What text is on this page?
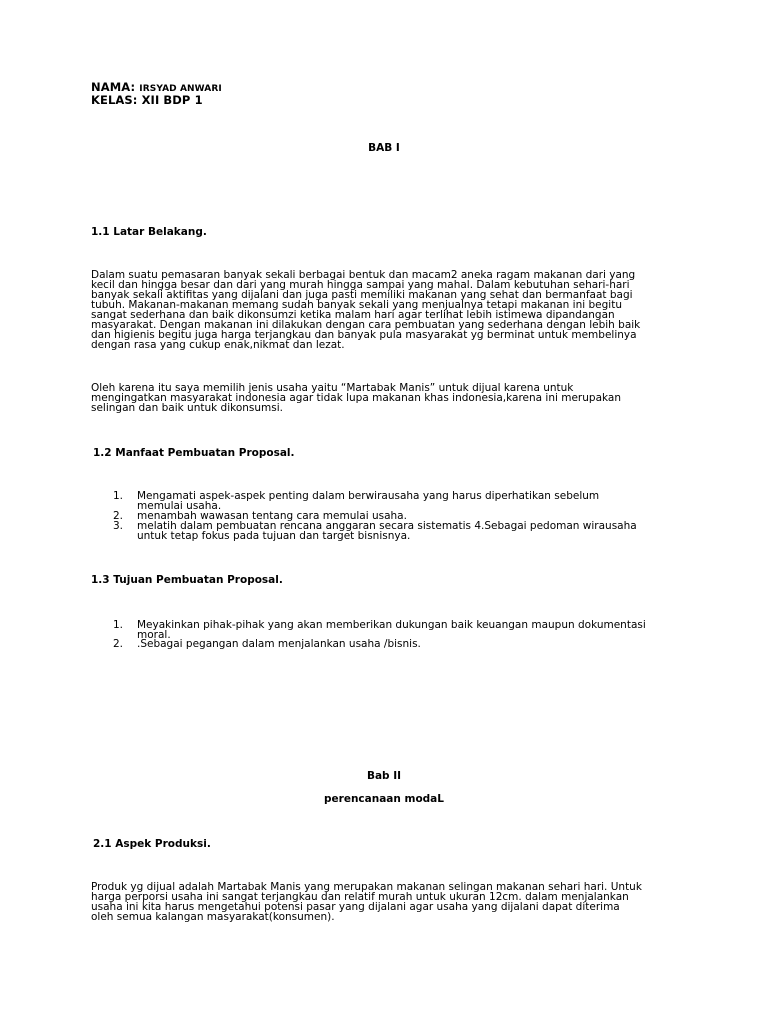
NAMA: IRSYAD ANWARI
KELAS: XII BDP 1
BAB I
1.1 Latar Belakang.

Dalam suatu pemasaran banyak sekali berbagai bentuk dan macam2 aneka ragam makanan dari yang

kecil dan hingga besar dan dari yang murah hingga sampai yang mahal. Dalam kebutuhan sehari-hari

banyak sekali aktifitas yang dijalani dan juga pasti memiliki makanan yang sehat dan bermanfaat bagi

tubuh. Makanan-makanan memang sudah banyak sekali yang menjualnya tetapi makanan ini begitu

sangat sederhana dan baik dikonsumzi ketika malam hari agar terlihat lebih istimewa dipandangan

masyarakat. Dengan makanan ini dilakukan dengan cara pembuatan yang sederhana dengan lebih baik

dan higienis begitu juga harga terjangkau dan banyak pula masyarakat yg berminat untuk membelinya

dengan rasa yang cukup enak,nikmat dan lezat.

Oleh karena itu saya memilih jenis usaha yaitu “Martabak Manis” untuk dijual karena untuk

mengingatkan masyarakat indonesia agar tidak lupa makanan khas indonesia,karena ini merupakan

selingan dan baik untuk dikonsumsi.

1.2 Manfaat Pembuatan Proposal.
1. Mengamati aspek-aspek penting dalam berwirausaha yang harus diperhatikan sebelum
memulai usaha.
2. menambah wawasan tentang cara memulai usaha.
3. melatih dalam pembuatan rencana anggaran secara sistematis 4.Sebagai pedoman wirausaha
untuk tetap fokus pada tujuan dan target bisnisnya.
1.3 Tujuan Pembuatan Proposal.
1. Meyakinkan pihak-pihak yang akan memberikan dukungan baik keuangan maupun dokumentasi
moral.
2. .Sebagai pegangan dalam menjalankan usaha /bisnis.
Bab II
perencanaan modaL
2.1 Aspek Produksi.

Produk yg dijual adalah Martabak Manis yang merupakan makanan selingan makanan sehari hari. Untuk

harga perporsi usaha ini sangat terjangkau dan relatif murah untuk ukuran 12cm. dalam menjalankan

usaha ini kita harus mengetahui potensi pasar yang dijalani agar usaha yang dijalani dapat diterima

oleh semua kalangan masyarakat(konsumen).
